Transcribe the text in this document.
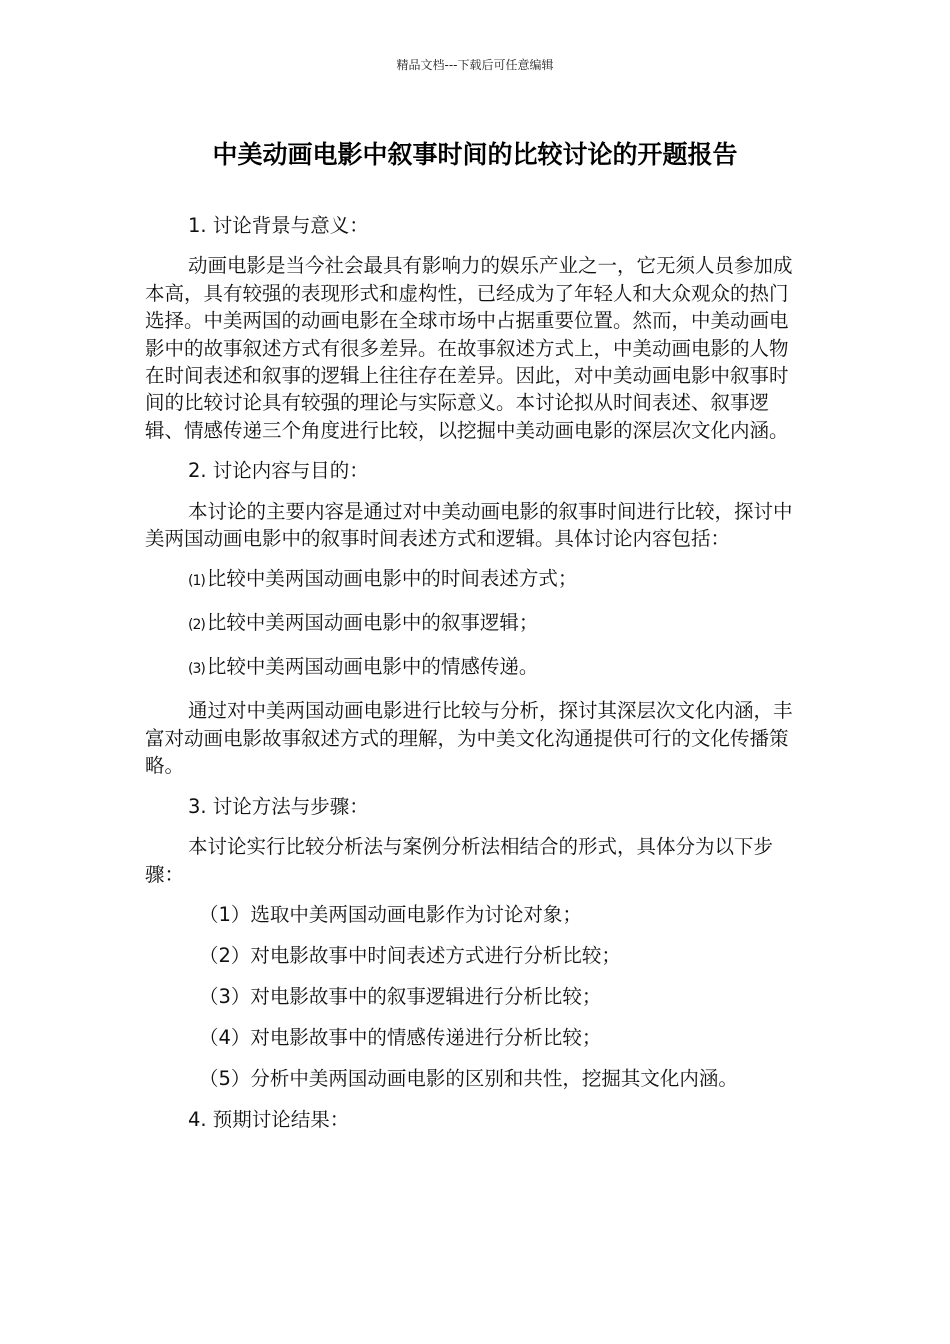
精品文档---下载后可任意编辑
中美动画电影中叙事时间的比较讨论的开题报告

1. 讨论背景与意义：

动画电影是当今社会最具有影响力的娱乐产业之一，它无须人员参加成本高，具有较强的表现形式和虚构性，已经成为了年轻人和大众观众的热门选择。中美两国的动画电影在全球市场中占据重要位置。然而，中美动画电影中的故事叙述方式有很多差异。在故事叙述方式上，中美动画电影的人物在时间表述和叙事的逻辑上往往存在差异。因此，对中美动画电影中叙事时间的比较讨论具有较强的理论与实际意义。本讨论拟从时间表述、叙事逻辑、情感传递三个角度进行比较，以挖掘中美动画电影的深层次文化内涵。

2. 讨论内容与目的：

本讨论的主要内容是通过对中美动画电影的叙事时间进行比较，探讨中美两国动画电影中的叙事时间表述方式和逻辑。具体讨论内容包括：

(1) 比较中美两国动画电影中的时间表述方式；

(2) 比较中美两国动画电影中的叙事逻辑；

(3) 比较中美两国动画电影中的情感传递。

通过对中美两国动画电影进行比较与分析，探讨其深层次文化内涵，丰富对动画电影故事叙述方式的理解，为中美文化沟通提供可行的文化传播策略。

3. 讨论方法与步骤：

本讨论实行比较分析法与案例分析法相结合的形式，具体分为以下步骤：

（1）选取中美两国动画电影作为讨论对象；

（2）对电影故事中时间表述方式进行分析比较；

（3）对电影故事中的叙事逻辑进行分析比较；

（4）对电影故事中的情感传递进行分析比较；

（5）分析中美两国动画电影的区别和共性，挖掘其文化内涵。

4. 预期讨论结果：
